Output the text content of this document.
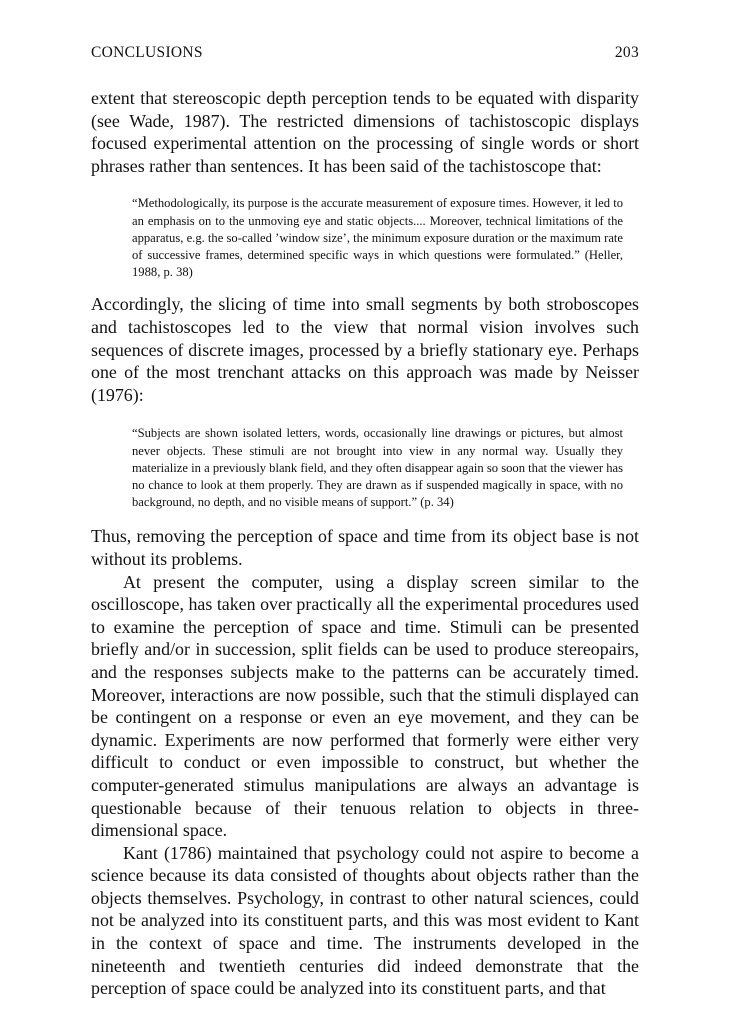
CONCLUSIONS	203

extent that stereoscopic depth perception tends to be equated with disparity (see Wade, 1987). The restricted dimensions of tachistoscopic displays focused experimental attention on the processing of single words or short phrases rather than sentences. It has been said of the tachistoscope that:

“Methodologically, its purpose is the accurate measurement of exposure times. However, it led to an emphasis on to the unmoving eye and static objects.... Moreover, technical limitations of the apparatus, e.g. the so-called ’window size’, the minimum exposure duration or the maximum rate of successive frames, determined specific ways in which questions were formulated.” (Heller, 1988, p. 38)

Accordingly, the slicing of time into small segments by both stroboscopes and tachistoscopes led to the view that normal vision involves such sequences of discrete images, processed by a briefly stationary eye. Perhaps one of the most trenchant attacks on this approach was made by Neisser (1976):

“Subjects are shown isolated letters, words, occasionally line drawings or pictures, but almost never objects. These stimuli are not brought into view in any normal way. Usually they materialize in a previously blank field, and they often disappear again so soon that the viewer has no chance to look at them properly. They are drawn as if suspended magically in space, with no background, no depth, and no visible means of support.” (p. 34)

Thus, removing the perception of space and time from its object base is not without its problems.

At present the computer, using a display screen similar to the oscilloscope, has taken over practically all the experimental procedures used to examine the perception of space and time. Stimuli can be presented briefly and/or in succession, split fields can be used to produce stereopairs, and the responses subjects make to the patterns can be accurately timed. Moreover, interactions are now possible, such that the stimuli displayed can be contingent on a response or even an eye movement, and they can be dynamic. Experiments are now performed that formerly were either very difficult to conduct or even impossible to construct, but whether the computer-generated stimulus manipulations are always an advantage is questionable because of their tenuous relation to objects in three-dimensional space.

Kant (1786) maintained that psychology could not aspire to become a science because its data consisted of thoughts about objects rather than the objects themselves. Psychology, in contrast to other natural sciences, could not be analyzed into its constituent parts, and this was most evident to Kant in the context of space and time. The instruments developed in the nineteenth and twentieth centuries did indeed demonstrate that the perception of space could be analyzed into its constituent parts, and that
